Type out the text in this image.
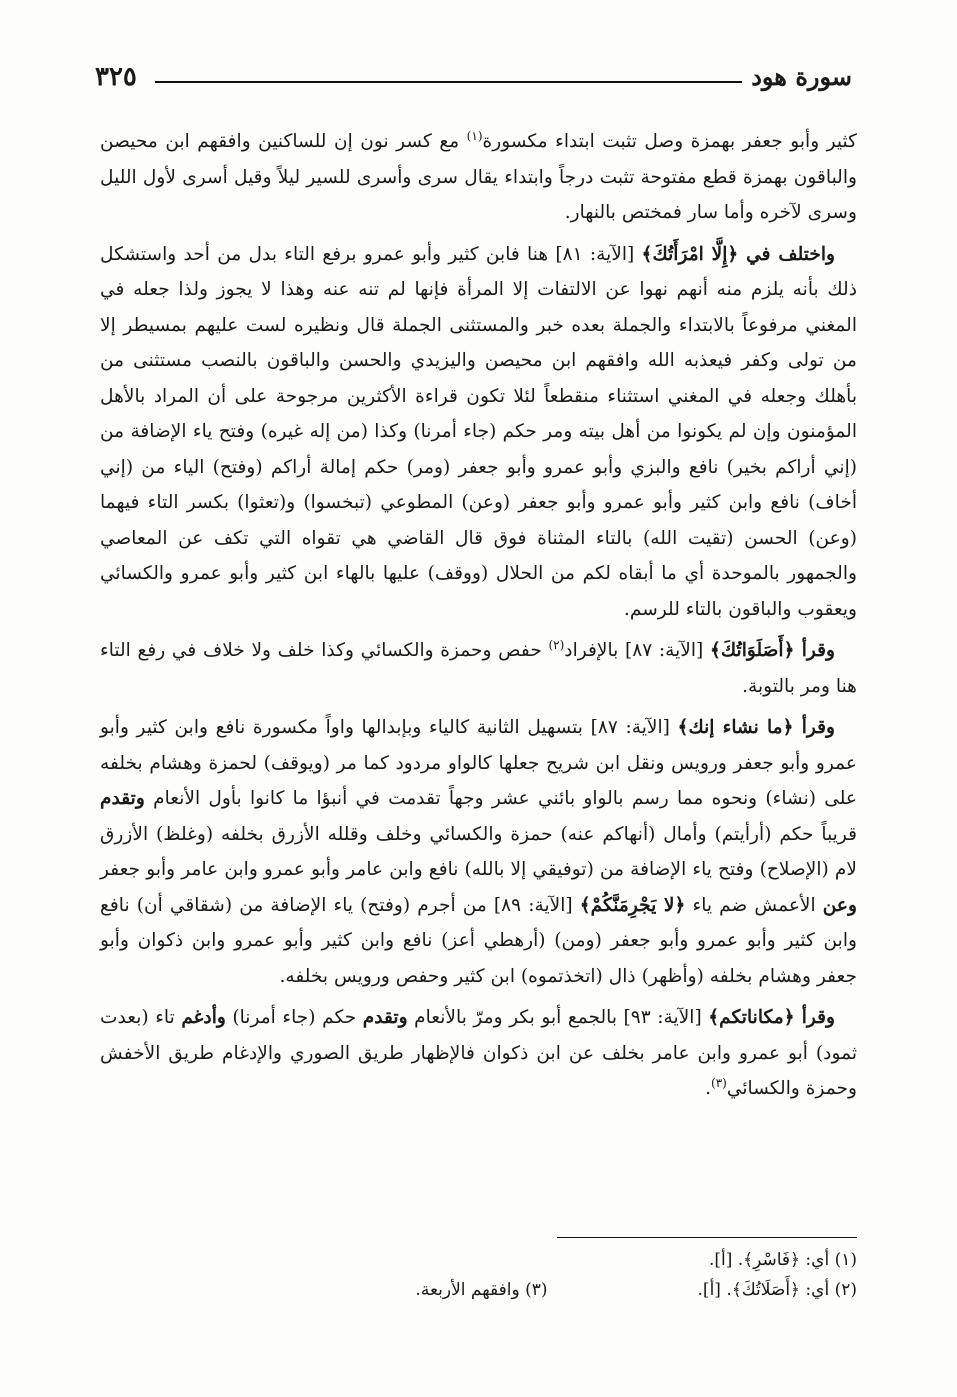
سورة هود
٣٢٥

كثير وأبو جعفر بهمزة وصل تثبت ابتداء مكسورة$^{(١)}$ مع كسر نون إن للساكنين وافقهم ابن محيصن والباقون بهمزة قطع مفتوحة تثبت درجاً وابتداء يقال سرى وأسرى للسير ليلاً وقيل أسرى لأول الليل وسرى لآخره وأما سار فمختص بالنهار.

واختلف في ﴿إِلَّا امْرَأَتُكَ﴾ [الآية: ٨١] هنا فابن كثير وأبو عمرو برفع التاء بدل من أحد واستشكل ذلك بأنه يلزم منه أنهم نهوا عن الالتفات إلا المرأة فإنها لم تنه عنه وهذا لا يجوز ولذا جعله في المغني مرفوعاً بالابتداء والجملة بعده خبر والمستثنى الجملة قال ونظيره لست عليهم بمسيطر إلا من تولى وكفر فيعذبه الله وافقهم ابن محيصن واليزيدي والحسن والباقون بالنصب مستثنى من بأهلك وجعله في المغني استثناء منقطعاً لئلا تكون قراءة الأكثرين مرجوحة على أن المراد بالأهل المؤمنون وإن لم يكونوا من أهل بيته ومر حكم (جاء أمرنا) وكذا (من إله غيره) وفتح ياء الإضافة من (إني أراكم بخير) نافع والبزي وأبو عمرو وأبو جعفر (ومر) حكم إمالة أراكم (وفتح) الياء من (إني أخاف) نافع وابن كثير وأبو عمرو وأبو جعفر (وعن) المطوعي (تبخسوا) و(تعثوا) بكسر التاء فيهما (وعن) الحسن (تقيت الله) بالتاء المثناة فوق قال القاضي هي تقواه التي تكف عن المعاصي والجمهور بالموحدة أي ما أبقاه لكم من الحلال (ووقف) عليها بالهاء ابن كثير وأبو عمرو والكسائي ويعقوب والباقون بالتاء للرسم.

وقرأ ﴿أَصَلَوَاتُكَ﴾ [الآية: ٨٧] بالإفراد$^{(٢)}$ حفص وحمزة والكسائي وكذا خلف ولا خلاف في رفع التاء هنا ومر بالتوبة.

وقرأ ﴿ما نشاء إنك﴾ [الآية: ٨٧] بتسهيل الثانية كالياء وبإبدالها واواً مكسورة نافع وابن كثير وأبو عمرو وأبو جعفر ورويس ونقل ابن شريح جعلها كالواو مردود كما مر (ويوقف) لحمزة وهشام بخلفه على (نشاء) ونحوه مما رسم بالواو بائني عشر وجهاً تقدمت في أنبؤا ما كانوا بأول الأنعام وتقدم قريباً حكم (أرأيتم) وأمال (أنهاكم عنه) حمزة والكسائي وخلف وقلله الأزرق بخلفه (وغلظ) الأزرق لام (الإصلاح) وفتح ياء الإضافة من (توفيقي إلا بالله) نافع وابن عامر وأبو عمرو وابن عامر وأبو جعفر وعن الأعمش ضم ياء ﴿لا يَجْرِمَنَّكُمْ﴾ [الآية: ٨٩] من أجرم (وفتح) ياء الإضافة من (شقاقي أن) نافع وابن كثير وأبو عمرو وأبو جعفر (ومن) (أرهطي أعز) نافع وابن كثير وأبو عمرو وابن ذكوان وأبو جعفر وهشام بخلفه (وأظهر) ذال (اتخذتموه) ابن كثير وحفص ورويس بخلفه.

وقرأ ﴿مكاناتكم﴾ [الآية: ٩٣] بالجمع أبو بكر ومرّ بالأنعام وتقدم حكم (جاء أمرنا) وأدغم تاء (بعدت ثمود) أبو عمرو وابن عامر بخلف عن ابن ذكوان فالإظهار طريق الصوري والإدغام طريق الأخفش وحمزة والكسائي$^{(٣)}$.

(١) أي: ﴿فَاسْرِ﴾. [أ].
(٢) أي: ﴿أَصَلَاتُكَ﴾. [أ].
(٣) وافقهم الأربعة.
